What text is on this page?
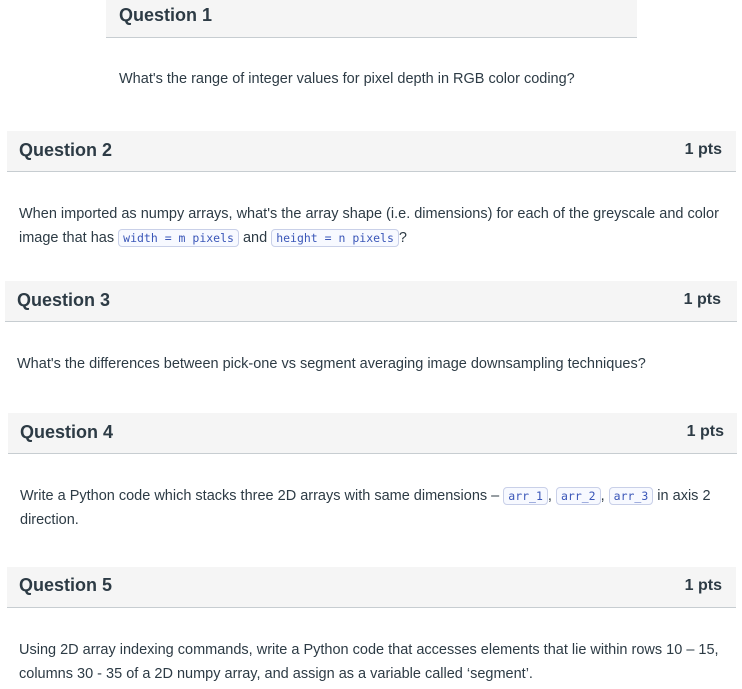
Question 1
What's the range of integer values for pixel depth in RGB color coding?
Question 2	1 pts
When imported as numpy arrays, what's the array shape (i.e. dimensions) for each of the greyscale and color image that has width = m pixels and height = n pixels ?
Question 3	1 pts
What's the differences between pick-one vs segment averaging image downsampling techniques?
Question 4	1 pts
Write a Python code which stacks three 2D arrays with same dimensions – arr_1 , arr_2 , arr_3 in axis 2 direction.
Question 5	1 pts
Using 2D array indexing commands, write a Python code that accesses elements that lie within rows 10 – 15, columns 30 - 35 of a 2D numpy array, and assign as a variable called ‘segment’.
